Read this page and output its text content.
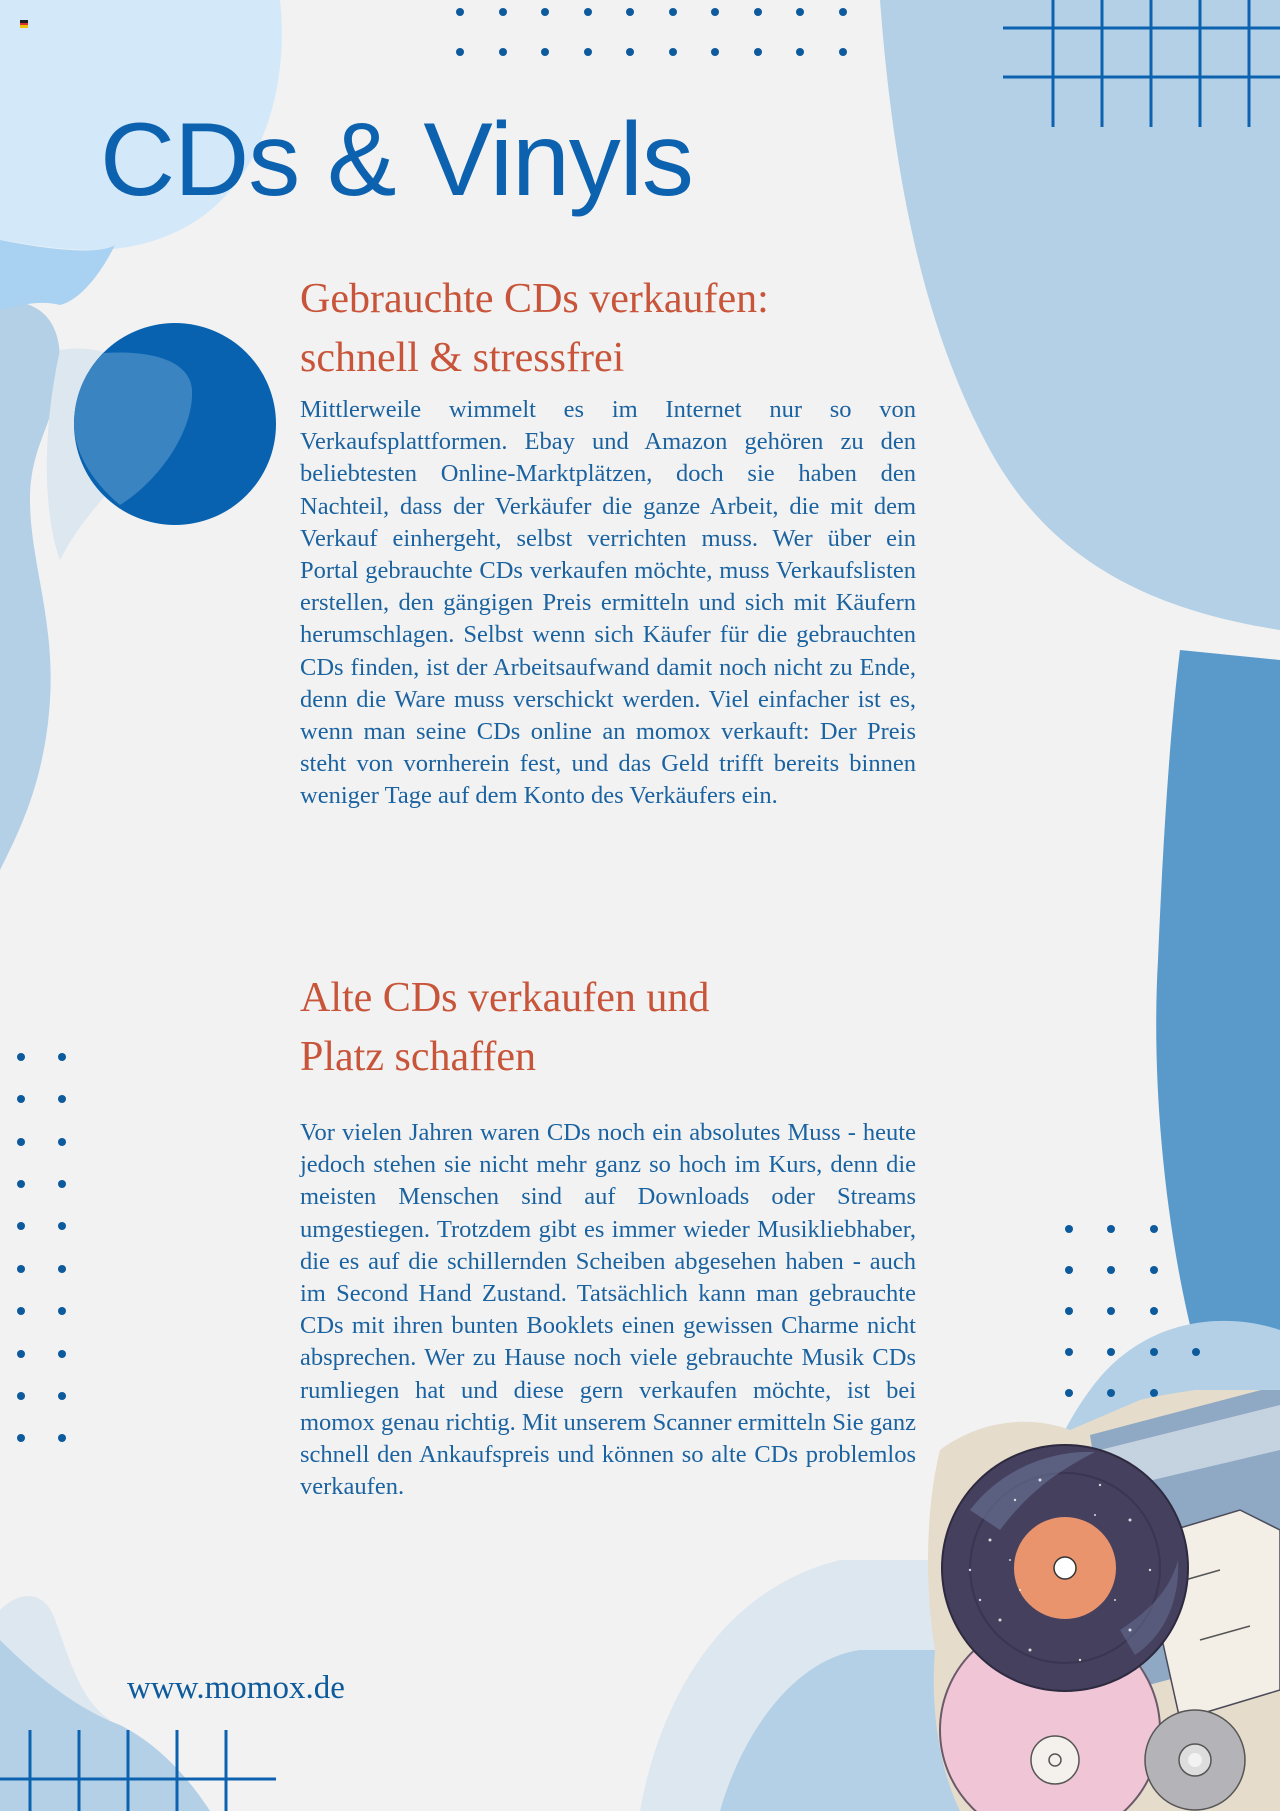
CDs & Vinyls
Gebrauchte CDs verkaufen:
schnell & stressfrei

Mittlerweile wimmelt es im Internet nur so von Verkaufsplattformen. Ebay und Amazon gehören zu den beliebtesten Online-Marktplätzen, doch sie haben den Nachteil, dass der Verkäufer die ganze Arbeit, die mit dem Verkauf einhergeht, selbst verrichten muss. Wer über ein Portal gebrauchte CDs verkaufen möchte, muss Verkaufslisten erstellen, den gängigen Preis ermitteln und sich mit Käufern herumschlagen. Selbst wenn sich Käufer für die gebrauchten CDs finden, ist der Arbeitsaufwand damit noch nicht zu Ende, denn die Ware muss verschickt werden. Viel einfacher ist es, wenn man seine CDs online an momox verkauft: Der Preis steht von vornherein fest, und das Geld trifft bereits binnen weniger Tage auf dem Konto des Verkäufers ein.

Alte CDs verkaufen und
Platz schaffen

Vor vielen Jahren waren CDs noch ein absolutes Muss - heute jedoch stehen sie nicht mehr ganz so hoch im Kurs, denn die meisten Menschen sind auf Downloads oder Streams umgestiegen. Trotzdem gibt es immer wieder Musikliebhaber, die es auf die schillernden Scheiben abgesehen haben - auch im Second Hand Zustand. Tatsächlich kann man gebrauchte CDs mit ihren bunten Booklets einen gewissen Charme nicht absprechen. Wer zu Hause noch viele gebrauchte Musik CDs rumliegen hat und diese gern verkaufen möchte, ist bei momox genau richtig. Mit unserem Scanner ermitteln Sie ganz schnell den Ankaufspreis und können so alte CDs problemlos verkaufen.

www.momox.de
